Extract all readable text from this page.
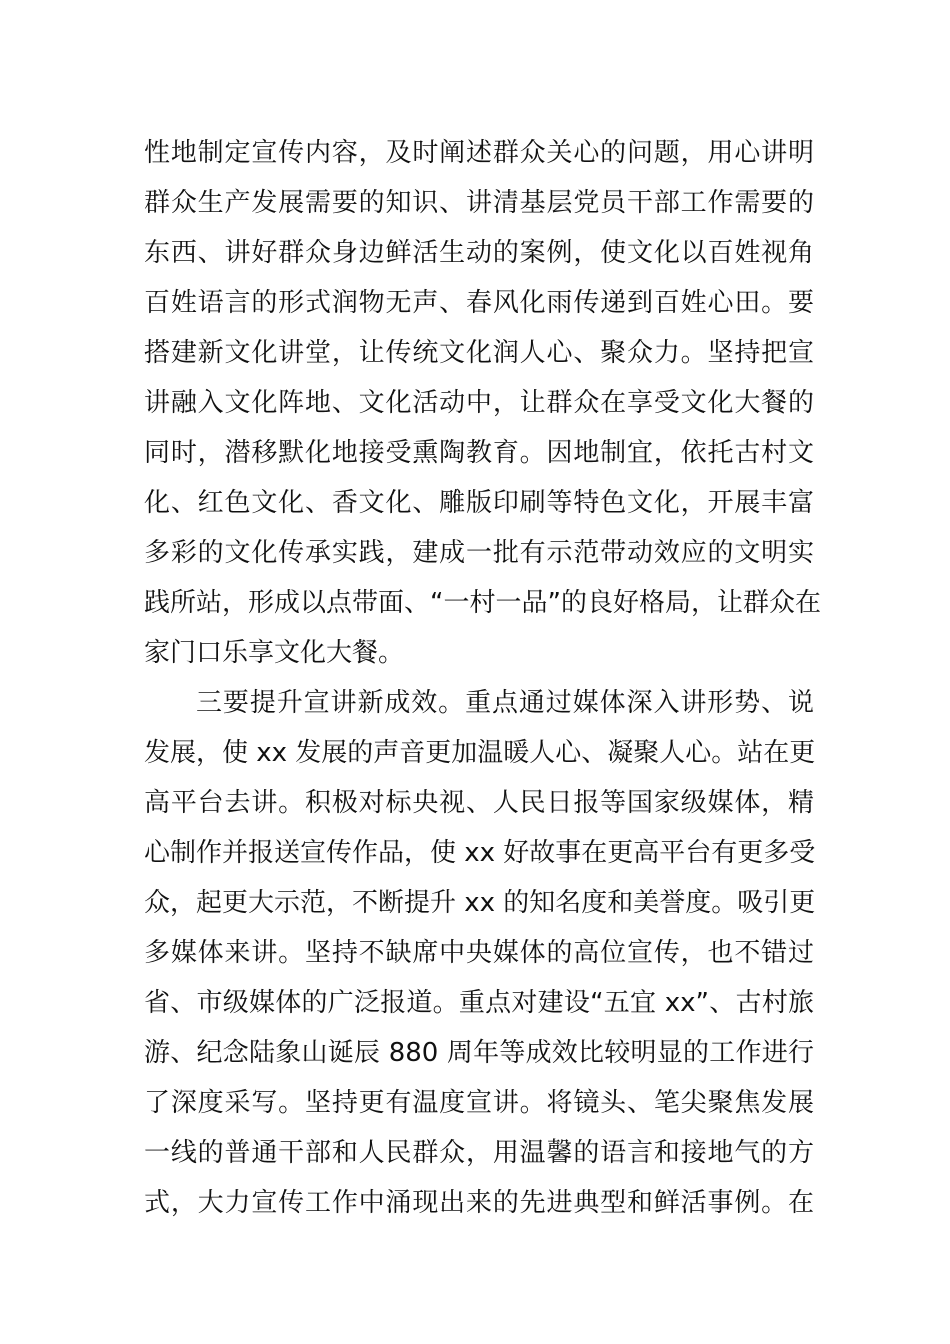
性地制定宣传内容，及时阐述群众关心的问题，用心讲明
群众生产发展需要的知识、讲清基层党员干部工作需要的
东西、讲好群众身边鲜活生动的案例，使文化以百姓视角
百姓语言的形式润物无声、春风化雨传递到百姓心田。要
搭建新文化讲堂，让传统文化润人心、聚众力。坚持把宣
讲融入文化阵地、文化活动中，让群众在享受文化大餐的
同时，潜移默化地接受熏陶教育。因地制宜，依托古村文
化、红色文化、香文化、雕版印刷等特色文化，开展丰富
多彩的文化传承实践，建成一批有示范带动效应的文明实
践所站，形成以点带面、“一村一品”的良好格局，让群众在
家门口乐享文化大餐。
三要提升宣讲新成效。重点通过媒体深入讲形势、说
发展，使 xx 发展的声音更加温暖人心、凝聚人心。站在更
高平台去讲。积极对标央视、人民日报等国家级媒体，精
心制作并报送宣传作品，使 xx 好故事在更高平台有更多受
众，起更大示范，不断提升 xx 的知名度和美誉度。吸引更
多媒体来讲。坚持不缺席中央媒体的高位宣传，也不错过
省、市级媒体的广泛报道。重点对建设“五宜 xx”、古村旅
游、纪念陆象山诞辰 880 周年等成效比较明显的工作进行
了深度采写。坚持更有温度宣讲。将镜头、笔尖聚焦发展
一线的普通干部和人民群众，用温馨的语言和接地气的方
式，大力宣传工作中涌现出来的先进典型和鲜活事例。在
